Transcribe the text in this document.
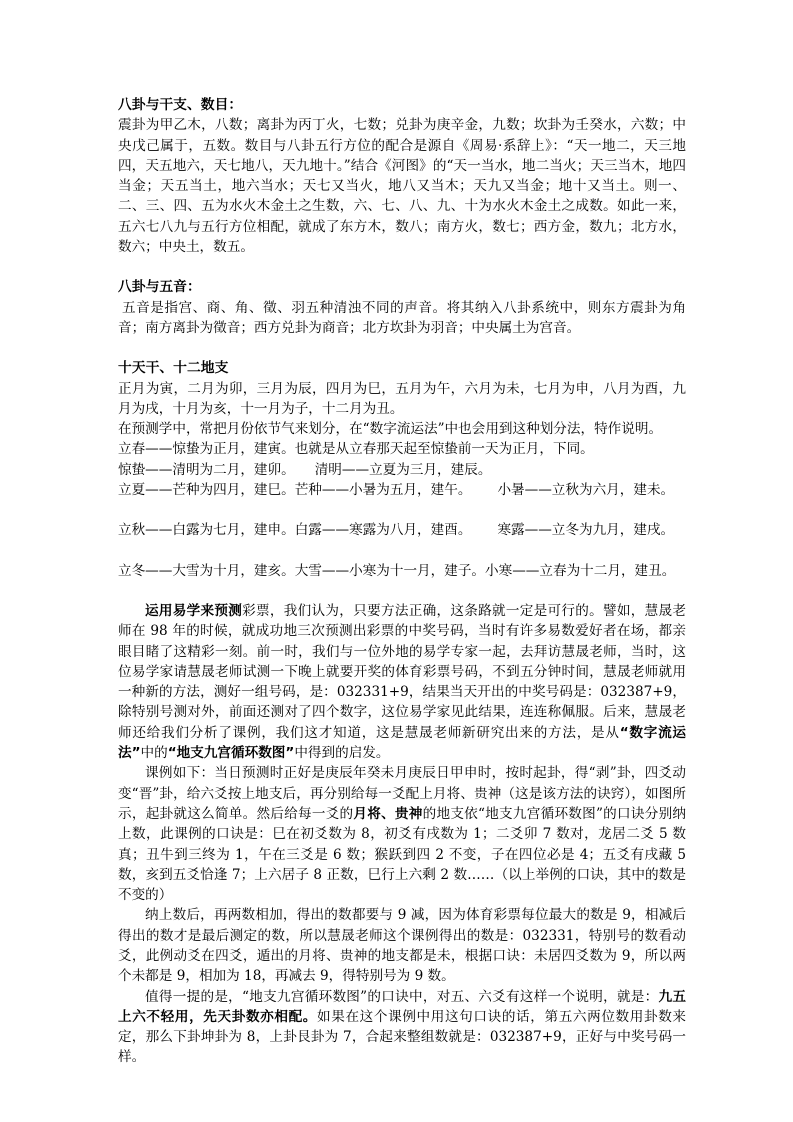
八卦与干支、数目：

震卦为甲乙木，八数；离卦为丙丁火，七数；兑卦为庚辛金，九数；坎卦为壬癸水，六数；中央戊己属于，五数。数目与八卦五行方位的配合是源自《周易·系辞上》：“天一地二，天三地四，天五地六，天七地八，天九地十。”结合《河图》的“天一当水，地二当火；天三当木，地四当金；天五当土，地六当水；天七又当火，地八又当木；天九又当金；地十又当土。则一、二、三、四、五为水火木金土之生数，六、七、八、九、十为水火木金土之成数。如此一来，五六七八九与五行方位相配，就成了东方木，数八；南方火，数七；西方金，数九；北方水，数六；中央土，数五。

八卦与五音：

五音是指宫、商、角、徵、羽五种清浊不同的声音。将其纳入八卦系统中，则东方震卦为角音；南方离卦为徵音；西方兑卦为商音；北方坎卦为羽音；中央属土为宫音。

十天干、十二地支

正月为寅，二月为卯，三月为辰，四月为巳，五月为午，六月为未，七月为申，八月为酉，九月为戌，十月为亥，十一月为子，十二月为丑。

在预测学中，常把月份依节气来划分，在“数字流运法”中也会用到这种划分法，特作说明。

立春——惊蛰为正月，建寅。也就是从立春那天起至惊蛰前一天为正月，下同。

惊蛰——清明为二月，建卯。 清明——立夏为三月，建辰。

立夏——芒种为四月，建巳。芒种——小暑为五月，建午。 小暑——立秋为六月，建未。

立秋——白露为七月，建申。白露——寒露为八月，建酉。 寒露——立冬为九月，建戌。

立冬——大雪为十月，建亥。大雪——小寒为十一月，建子。小寒——立春为十二月，建丑。

运用易学来预测彩票，我们认为，只要方法正确，这条路就一定是可行的。譬如，慧晟老师在 98 年的时候，就成功地三次预测出彩票的中奖号码，当时有许多易数爱好者在场，都亲眼目睹了这精彩一刻。前一时，我们与一位外地的易学专家一起，去拜访慧晟老师，当时，这位易学家请慧晟老师试测一下晚上就要开奖的体育彩票号码，不到五分钟时间，慧晟老师就用一种新的方法，测好一组号码，是：032331+9，结果当天开出的中奖号码是：032387+9，除特别号测对外，前面还测对了四个数字，这位易学家见此结果，连连称佩服。后来，慧晟老师还给我们分析了课例，我们这才知道，这是慧晟老师新研究出来的方法，是从“数字流运法”中的“地支九宫循环数图”中得到的启发。

课例如下：当日预测时正好是庚辰年癸未月庚辰日甲申时，按时起卦，得“剥”卦，四爻动变“晋”卦，给六爻按上地支后，再分别给每一爻配上月将、贵神（这是该方法的诀窍），如图所示，起卦就这么简单。然后给每一爻的月将、贵神的地支依“地支九宫循环数图”的口诀分别纳上数，此课例的口诀是：巳在初爻数为 8，初爻有戌数为 1；二爻卯 7 数对，龙居二爻 5 数真；丑牛到三终为 1，午在三爻是 6 数；猴跃到四 2 不变，子在四位必是 4；五爻有戌藏 5 数，亥到五爻恰逢 7；上六居子 8 正数，巳行上六剩 2 数……（以上举例的口诀，其中的数是不变的）

纳上数后，再两数相加，得出的数都要与 9 减，因为体育彩票每位最大的数是 9，相减后得出的数才是最后测定的数，所以慧晟老师这个课例得出的数是：032331，特别号的数看动爻，此例动爻在四爻，遁出的月将、贵神的地支都是未，根据口诀：未居四爻数为 9，所以两个未都是 9，相加为 18，再减去 9，得特别号为 9 数。

值得一提的是，“地支九宫循环数图”的口诀中，对五、六爻有这样一个说明，就是：九五上六不轻用，先天卦数亦相配。如果在这个课例中用这句口诀的话，第五六两位数用卦数来定，那么下卦坤卦为 8，上卦艮卦为 7，合起来整组数就是：032387+9，正好与中奖号码一样。
